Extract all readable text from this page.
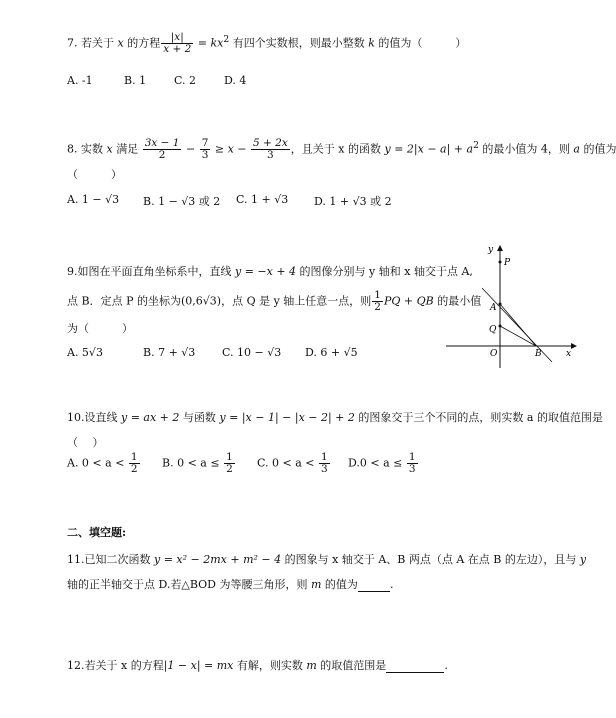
7. 若关于 x 的方程 $\frac{|x|}{x + 2} = kx^2$ 有四个实数根，则最小整数 k 的值为（　　　）
A. -1	B. 1	C. 2	D. 4
8. 实数 x 满足 $\frac{3x - 1}{2} - \frac{7}{3} \ge x - \frac{5 + 2x}{3}$ ，且关于 x 的函数 $y = 2|x - a| + a^2$ 的最小值为 4，则 a 的值为
（　　　）
A. 1 − √3 B. 1 − √3 或 2 C. 1 + √3 D. 1 + √3 或 2
9.如图在平面直角坐标系中，直线 y = −x + 4 的图像分别与 y 轴和 x 轴交于点 A,
点 B．定点 P 的坐标为(0,6√3)，点 Q 是 y 轴上任意一点，则 $\frac{1}{2}$ PQ + QB 的最小值
为（　　　）
A. 5√3	B. 7 + √3 C. 10 − √3 D. 6 + √5
y
x
P
A
Q
O	B
10.设直线 y = ax + 2 与函数 y = |x − 1| − |x − 2| + 2 的图象交于三个不同的点，则实数 a 的取值范围是
（　 ）
A. $0 < a < \frac{1}{2} B$. $0 < a \le \frac{1}{2} C$. $0 < a < \frac{1}{3} D.0 < a \le \frac{1}{3}$
二、填空题:
11.已知二次函数 y = x² − 2mx + m² − 4 的图象与 x 轴交于 A、B 两点（点 A 在点 B 的左边），且与 y
轴的正半轴交于点 D.若△BOD 为等腰三角形，则 m 的值为	.
12.若关于 x 的方程|1 − x| = mx 有解，则实数 m 的取值范围是	.
